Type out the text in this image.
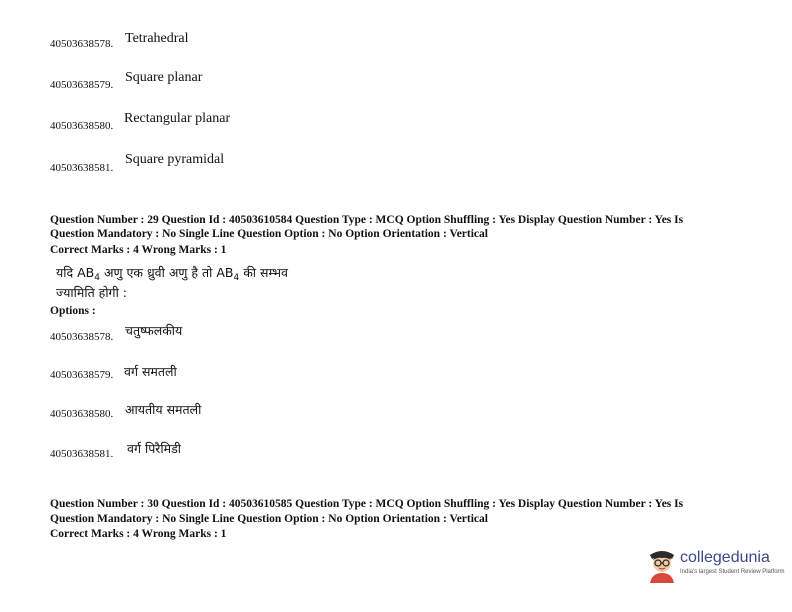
40503638578. Tetrahedral
40503638579. Square planar
40503638580. Rectangular planar
40503638581.
Square pyramidal
Question Number : 29 Question Id : 40503610584 Question Type : MCQ Option Shuffling : Yes Display Question Number : Yes Is
Question Mandatory : No Single Line Question Option : No Option Orientation : Vertical
Correct Marks : 4 Wrong Marks : 1
यदि $AB_4$ अणु एक ध्रुवी अणु है तो $AB_4$ की सम्भव
ज्यामिति होगी :
Options :
40503638578. चतुष्फलकीय
40503638579. वर्ग समतली
40503638580. आयतीय समतली
40503638581. वर्ग पिरैमिडी
Question Number : 30 Question Id : 40503610585 Question Type : MCQ Option Shuffling : Yes Display Question Number : Yes Is
Question Mandatory : No Single Line Question Option : No Option Orientation : Vertical
Correct Marks : 4 Wrong Marks : 1
collegedunia
India's largest Student Review Platform
